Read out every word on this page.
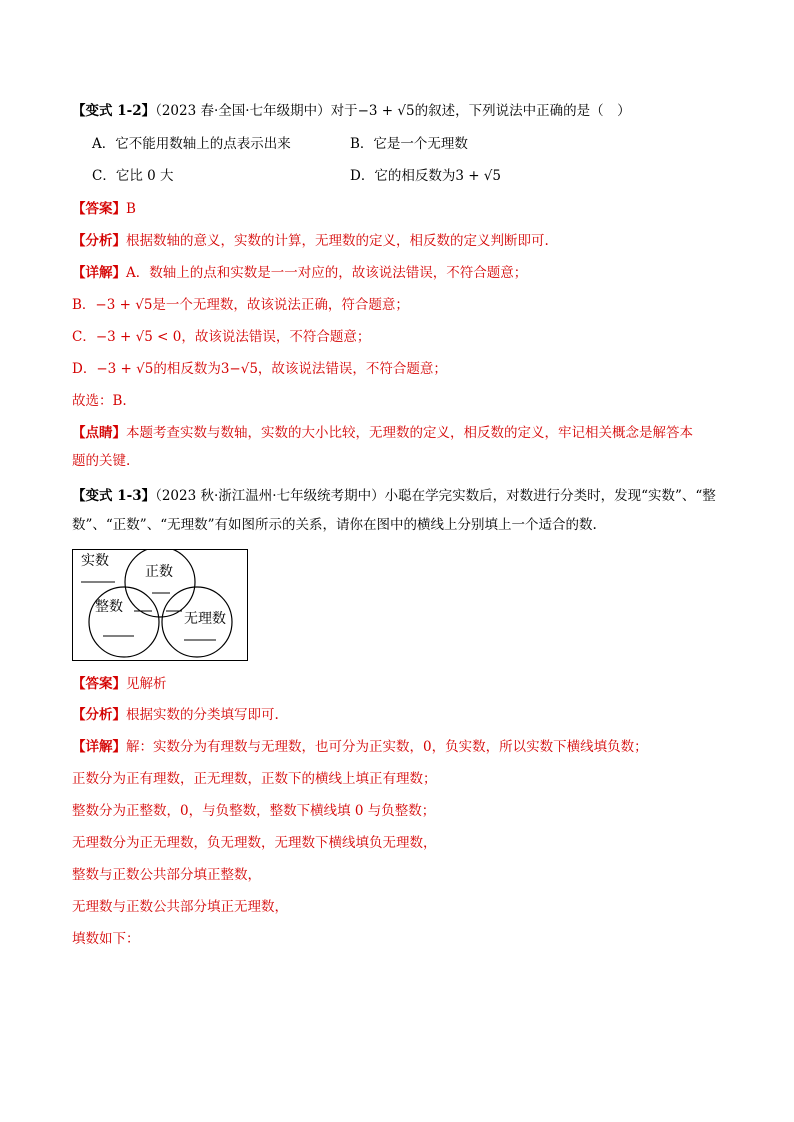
【变式 1-2】（2023 春·全国·七年级期中）对于−3 + √5的叙述，下列说法中正确的是（　）
A．它不能用数轴上的点表示出来	B．它是一个无理数
C．它比 0 大	D．它的相反数为3 + √5
【答案】B
【分析】根据数轴的意义，实数的计算，无理数的定义，相反数的定义判断即可.
【详解】A．数轴上的点和实数是一一对应的，故该说法错误，不符合题意；
B．−3 + √5是一个无理数，故该说法正确，符合题意；
C．−3 + √5 < 0，故该说法错误，不符合题意；
D．−3 + √5的相反数为3−√5，故该说法错误，不符合题意；
故选：B.
【点睛】本题考查实数与数轴，实数的大小比较，无理数的定义，相反数的定义，牢记相关概念是解答本
题的关键.
【变式 1-3】（2023 秋·浙江温州·七年级统考期中）小聪在学完实数后，对数进行分类时，发现“实数”、“整
数”、“正数”、“无理数”有如图所示的关系，请你在图中的横线上分别填上一个适合的数.
实数
正数
整数
无理数
【答案】见解析
【分析】根据实数的分类填写即可.
【详解】解：实数分为有理数与无理数，也可分为正实数，0，负实数，所以实数下横线填负数；
正数分为正有理数，正无理数，正数下的横线上填正有理数；
整数分为正整数，0，与负整数，整数下横线填 0 与负整数；
无理数分为正无理数，负无理数，无理数下横线填负无理数，
整数与正数公共部分填正整数，
无理数与正数公共部分填正无理数，
填数如下：
